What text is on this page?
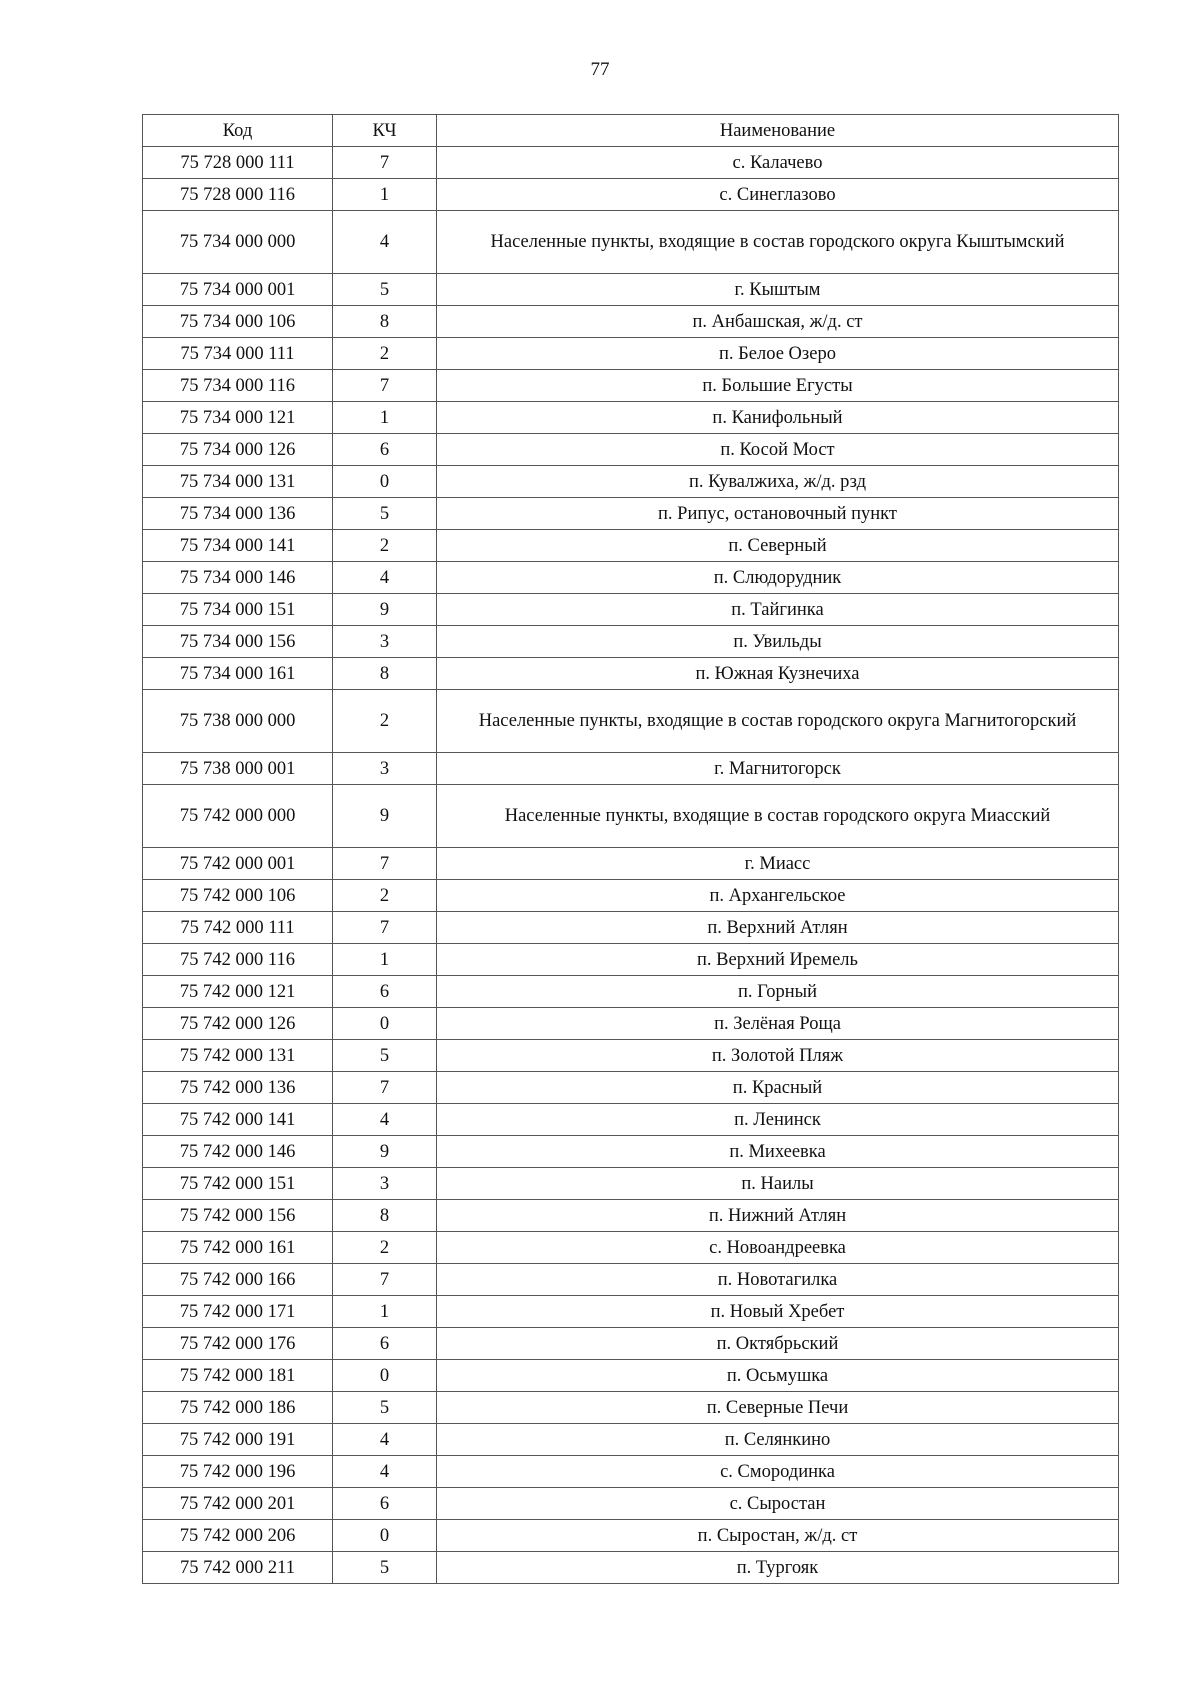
77
Код	КЧ	Наименование
75 728 000 111	7	с. Калачево
75 728 000 116	1	с. Синеглазово
75 734 000 000	4	Населенные пункты, входящие в состав городского округа Кыштымский
75 734 000 001	5	г. Кыштым
75 734 000 106	8	п. Анбашская, ж/д. ст
75 734 000 111	2	п. Белое Озеро
75 734 000 116	7	п. Большие Егусты
75 734 000 121	1	п. Канифольный
75 734 000 126	6	п. Косой Мост
75 734 000 131	0	п. Кувалжиха, ж/д. рзд
75 734 000 136	5	п. Рипус, остановочный пункт
75 734 000 141	2	п. Северный
75 734 000 146	4	п. Слюдорудник
75 734 000 151	9	п. Тайгинка
75 734 000 156	3	п. Увильды
75 734 000 161	8	п. Южная Кузнечиха
75 738 000 000	2	Населенные пункты, входящие в состав городского округа Магнитогорский
75 738 000 001	3	г. Магнитогорск
75 742 000 000	9	Населенные пункты, входящие в состав городского округа Миасский
75 742 000 001	7	г. Миасс
75 742 000 106	2	п. Архангельское
75 742 000 111	7	п. Верхний Атлян
75 742 000 116	1	п. Верхний Иремель
75 742 000 121	6	п. Горный
75 742 000 126	0	п. Зелёная Роща
75 742 000 131	5	п. Золотой Пляж
75 742 000 136	7	п. Красный
75 742 000 141	4	п. Ленинск
75 742 000 146	9	п. Михеевка
75 742 000 151	3	п. Наилы
75 742 000 156	8	п. Нижний Атлян
75 742 000 161	2	с. Новоандреевка
75 742 000 166	7	п. Новотагилка
75 742 000 171	1	п. Новый Хребет
75 742 000 176	6	п. Октябрьский
75 742 000 181	0	п. Осьмушка
75 742 000 186	5	п. Северные Печи
75 742 000 191	4	п. Селянкино
75 742 000 196	4	с. Смородинка
75 742 000 201	6	с. Сыростан
75 742 000 206	0	п. Сыростан, ж/д. ст
75 742 000 211	5	п. Тургояк
